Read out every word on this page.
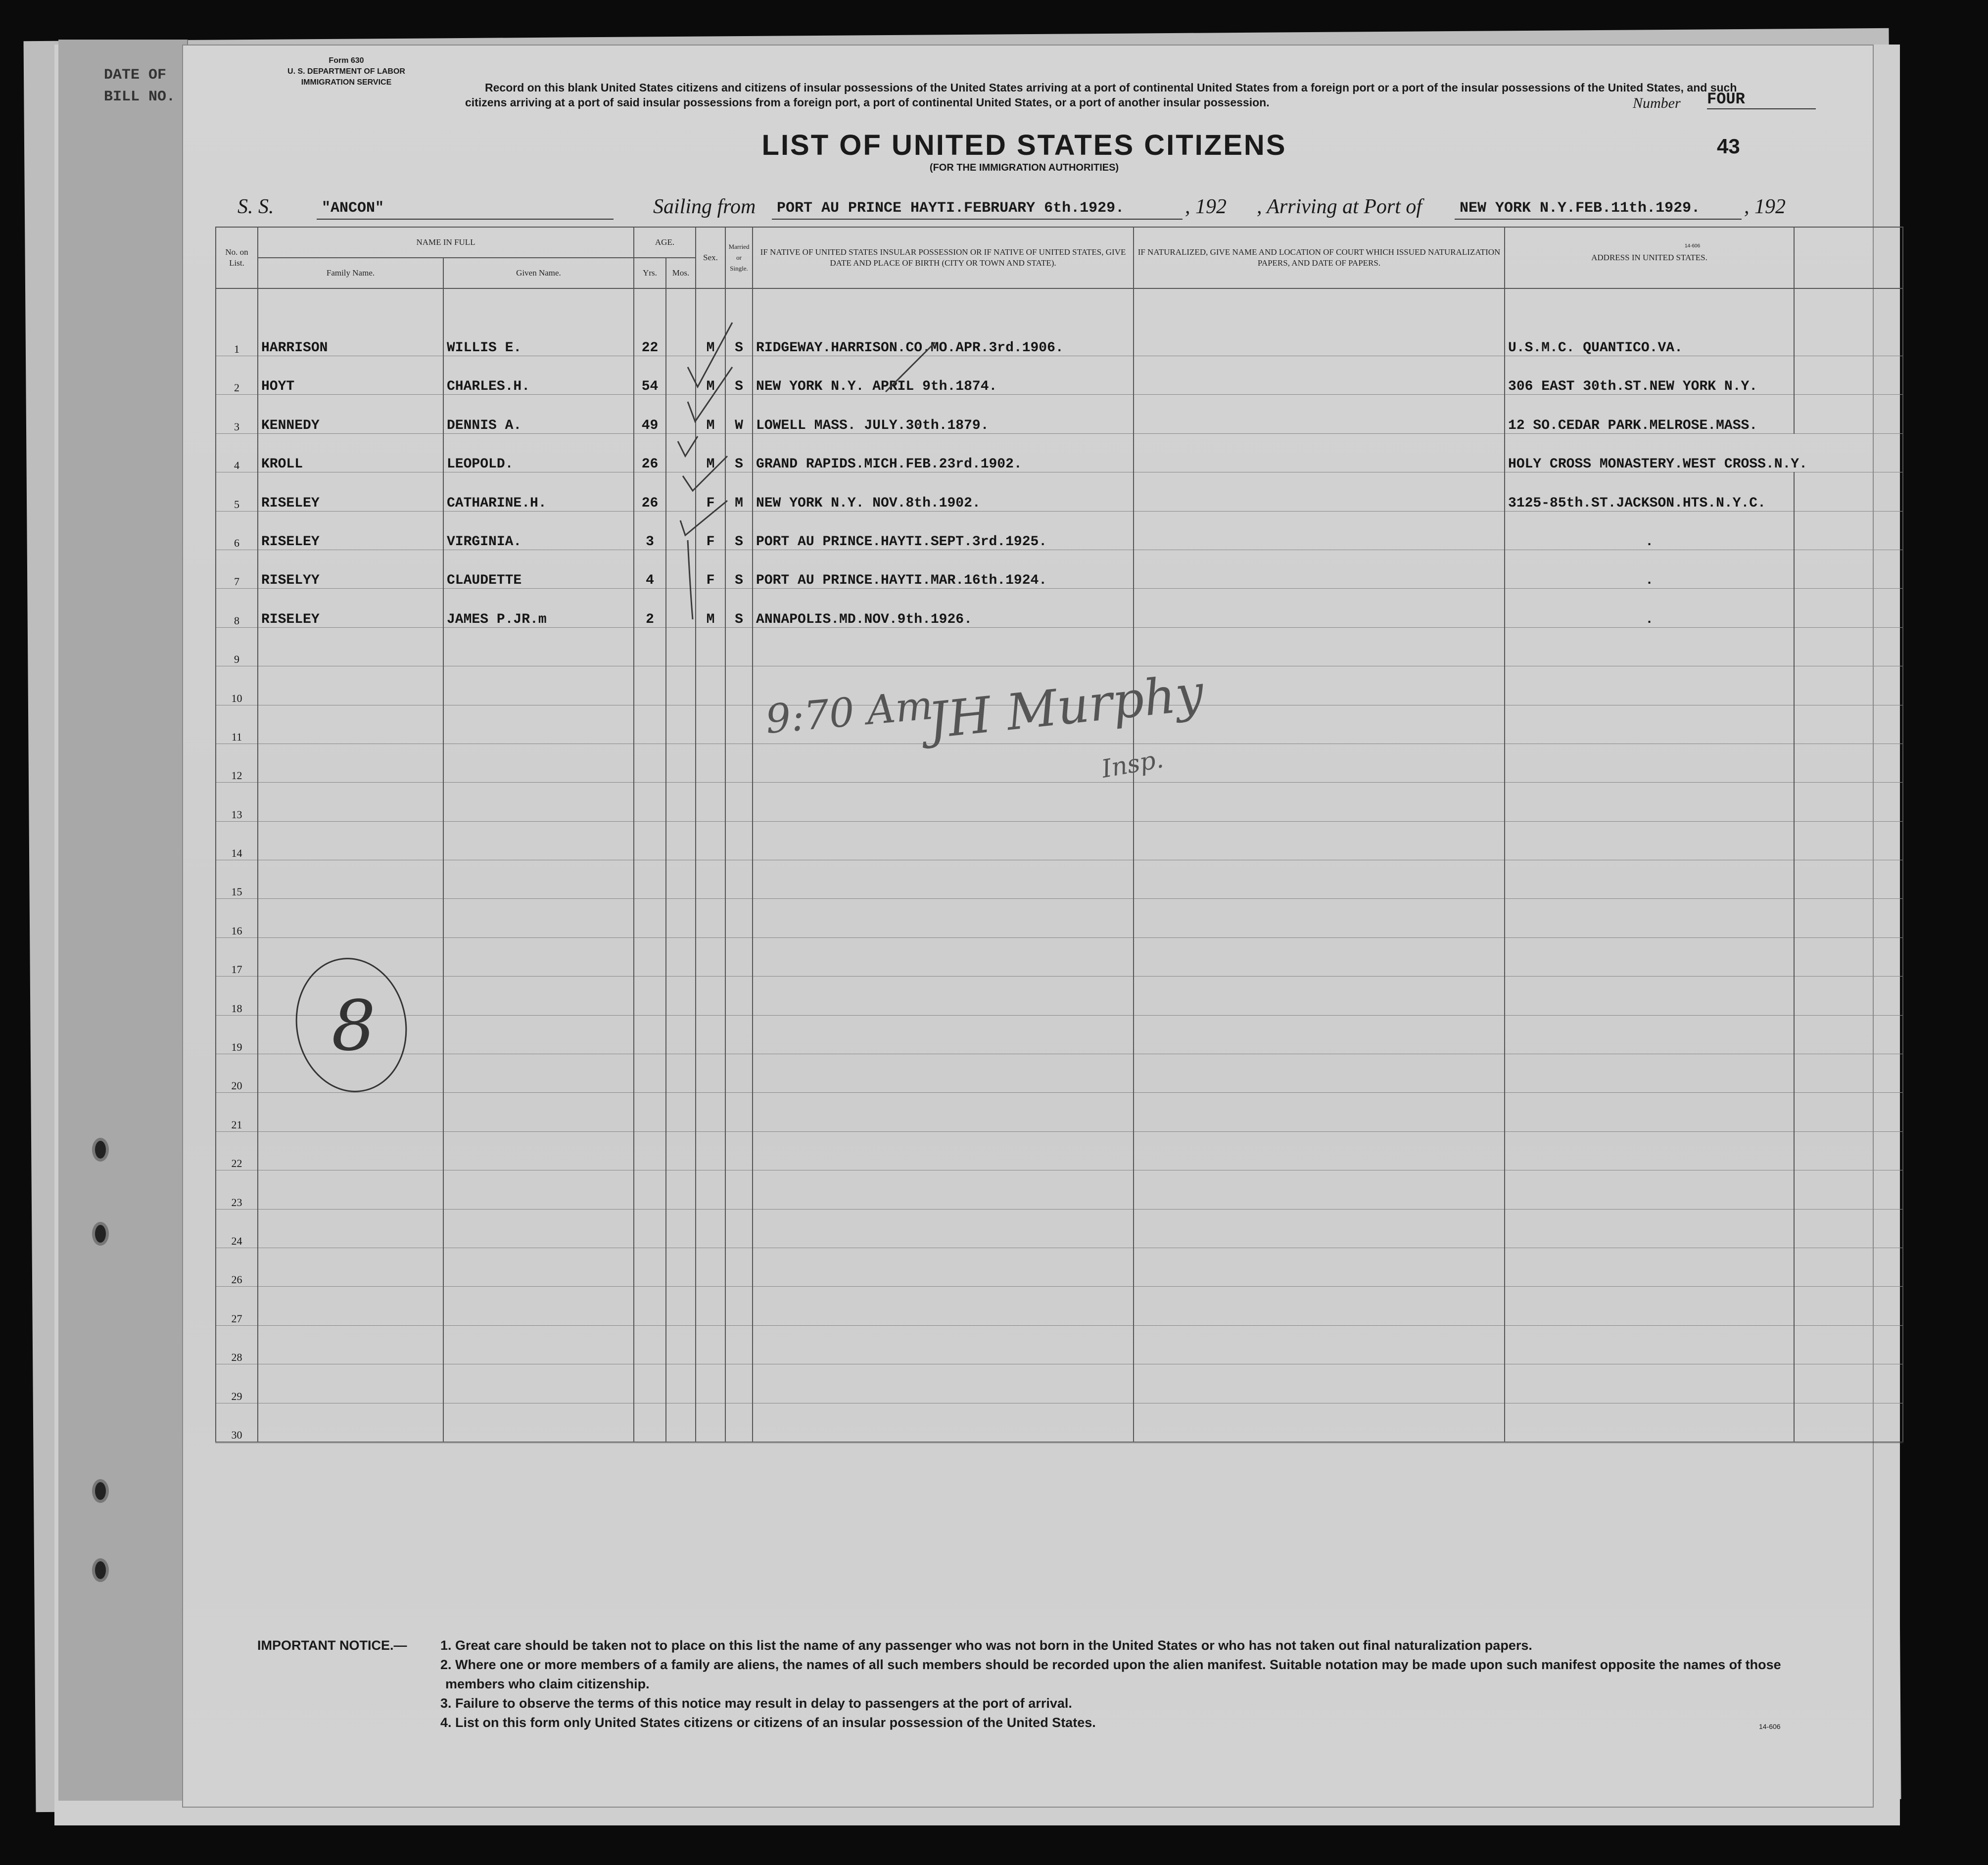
DATE OF
BILL NO.
Form 630
U. S. DEPARTMENT OF LABOR
IMMIGRATION SERVICE	Record on this blank United States citizens and citizens of insular possessions of the United States arriving at a port of continental United States from a foreign port or a port of the insular possessions of the United States, and such citizens arriving at a port of said insular possessions from a foreign port, a port of continental United States, or a port of another insular possession.	Number FOUR
43
LIST OF UNITED STATES CITIZENS
(FOR THE IMMIGRATION AUTHORITIES)
S. S.	"ANCON"	Sailing from PORT AU PRINCE HAYTI.FEBRUARY 6th.1929.	, 192 , Arriving at Port of	NEW YORK N.Y.FEB.11th.1929. , 192
14-606
No. on List.	NAME IN FULL		AGE.		Sex.	Married or Single.	IF NATIVE OF UNITED STATES INSULAR POSSESSION OR IF NATIVE OF UNITED STATES, GIVE DATE AND PLACE OF BIRTH (CITY OR TOWN AND STATE).	IF NATURALIZED, GIVE NAME AND LOCATION OF COURT WHICH ISSUED NATURALIZATION PAPERS, AND DATE OF PAPERS.	ADDRESS IN UNITED STATES.	
	Family Name.	Given Name.	Yrs.	Mos.						
1	HARRISON	WILLIS E.	22		M	S	RIDGEWAY.HARRISON.CO.MO.APR.3rd.1906.		U.S.M.C. QUANTICO.VA.	
2	HOYT	CHARLES.H.	54		M	S	NEW YORK N.Y. APRIL 9th.1874.		306 EAST 30th.ST.NEW YORK N.Y.	
3	KENNEDY	DENNIS A.	49		M	W	LOWELL MASS. JULY.30th.1879.		12 SO.CEDAR PARK.MELROSE.MASS.	
4	KROLL	LEOPOLD.	26		M	S	GRAND RAPIDS.MICH.FEB.23rd.1902.		HOLY CROSS MONASTERY.WEST CROSS.N.Y.	
5	RISELEY	CATHARINE.H.	26		F	M	NEW YORK N.Y. NOV.8th.1902.		3125-85th.ST.JACKSON.HTS.N.Y.C.	
6	RISELEY	VIRGINIA.	3		F	S	PORT AU PRINCE.HAYTI.SEPT.3rd.1925.		.	
7	RISELYY	CLAUDETTE	4		F	S	PORT AU PRINCE.HAYTI.MAR.16th.1924.		.	
8	RISELEY	JAMES P.JR.m	2		M	S	ANNAPOLIS.MD.NOV.9th.1926.		.	
9										
10										
11										
12										
13										
14										
15										
16										
17										
18										
19										
20										
21										
22										
23										
24										
26										
27										
28										
29										
30										
8
9:70 Am
JH Murphy
Insp.
IMPORTANT NOTICE.—	1. Great care should be taken not to place on this list the name of any passenger who was not born in the United States or who has not taken out final naturalization papers.

2. Where one or more members of a family are aliens, the names of all such members should be recorded upon the alien manifest. Suitable notation may be made upon such manifest opposite the names of those members who claim citizenship.

3. Failure to observe the terms of this notice may result in delay to passengers at the port of arrival.

4. List on this form only United States citizens or citizens of an insular possession of the United States.	14-606
